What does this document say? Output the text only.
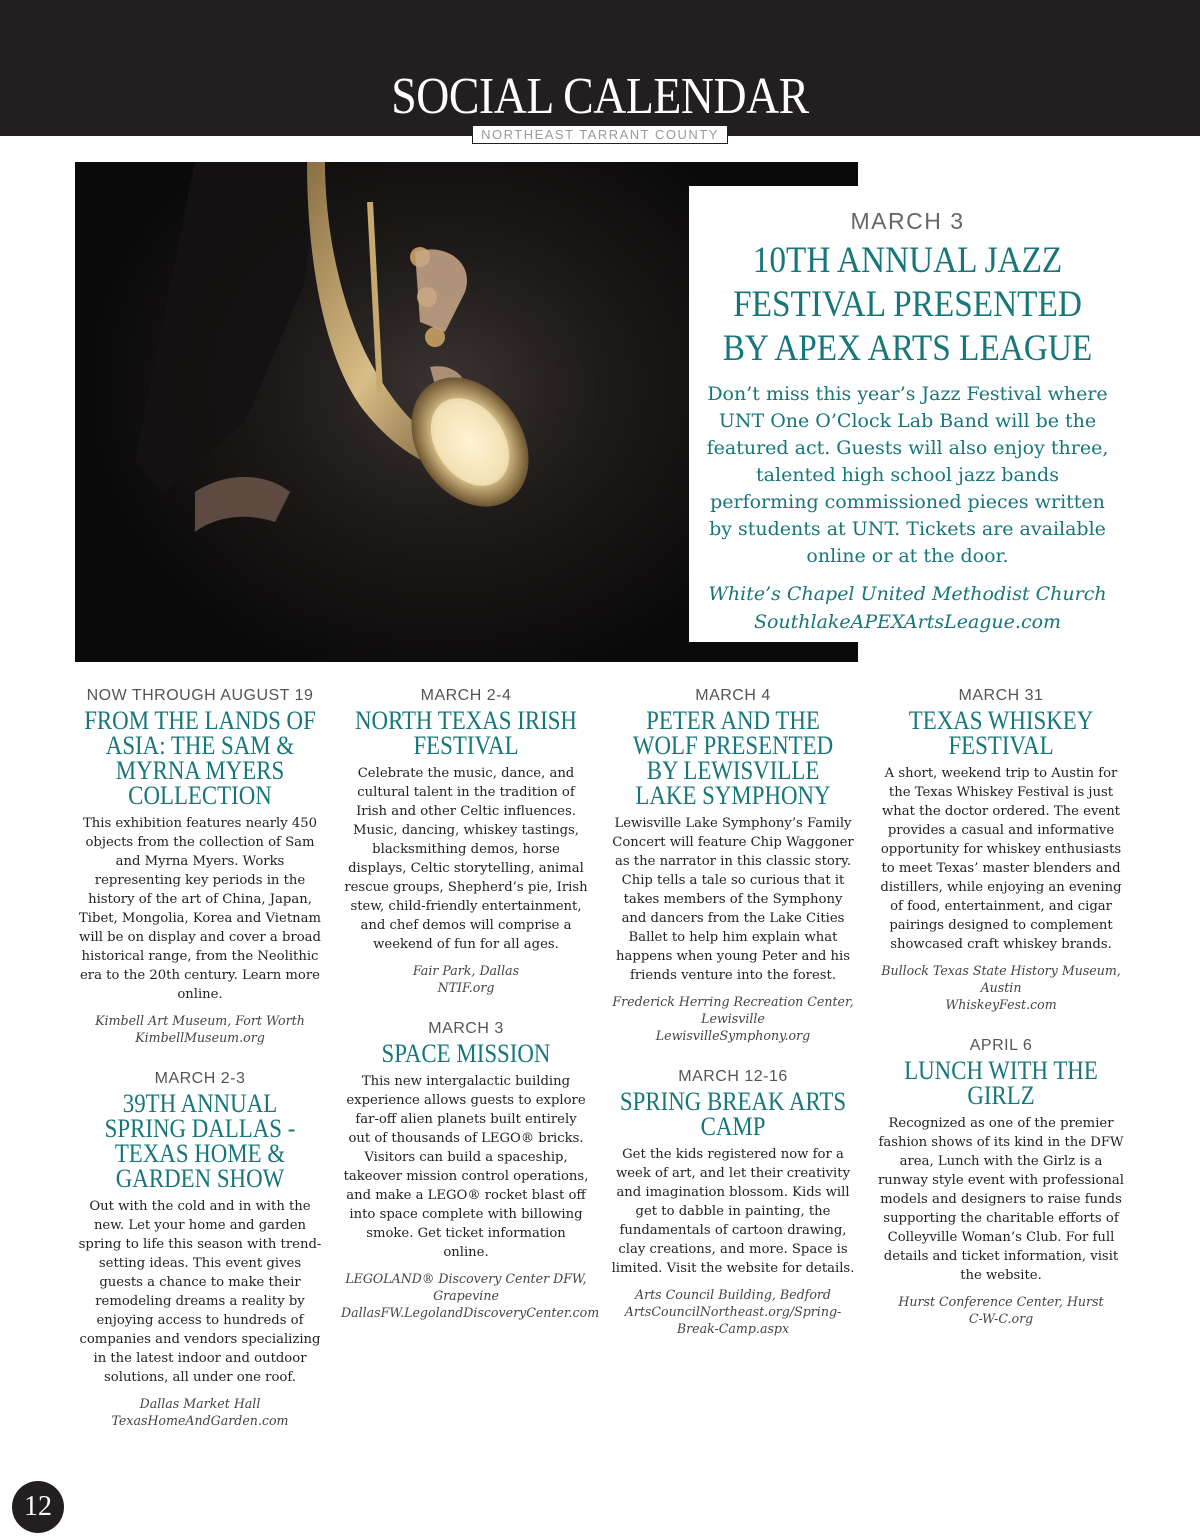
SOCIAL CALENDAR
NORTHEAST TARRANT COUNTY
MARCH 3
10TH ANNUAL JAZZ FESTIVAL PRESENTED BY APEX ARTS LEAGUE
Don’t miss this year’s Jazz Festival where UNT One O’Clock Lab Band will be the featured act. Guests will also enjoy three, talented high school jazz bands performing commissioned pieces written by students at UNT. Tickets are available online or at the door.
White’s Chapel United Methodist Church
SouthlakeAPEXArtsLeague.com
NOW THROUGH AUGUST 19
FROM THE LANDS OF ASIA: THE SAM & MYRNA MYERS COLLECTION
This exhibition features nearly 450 objects from the collection of Sam and Myrna Myers. Works representing key periods in the history of the art of China, Japan, Tibet, Mongolia, Korea and Vietnam will be on display and cover a broad historical range, from the Neolithic era to the 20th century. Learn more online.
Kimbell Art Museum, Fort Worth
KimbellMuseum.org
MARCH 2-3
39TH ANNUAL SPRING DALLAS - TEXAS HOME & GARDEN SHOW
Out with the cold and in with the new. Let your home and garden spring to life this season with trend-setting ideas. This event gives guests a chance to make their remodeling dreams a reality by enjoying access to hundreds of companies and vendors specializing in the latest indoor and outdoor solutions, all under one roof.
Dallas Market Hall
TexasHomeAndGarden.com
MARCH 2-4
NORTH TEXAS IRISH FESTIVAL
Celebrate the music, dance, and cultural talent in the tradition of Irish and other Celtic influences. Music, dancing, whiskey tastings, blacksmithing demos, horse displays, Celtic storytelling, animal rescue groups, Shepherd’s pie, Irish stew, child-friendly entertainment, and chef demos will comprise a weekend of fun for all ages.
Fair Park, Dallas
NTIF.org
MARCH 3
SPACE MISSION
This new intergalactic building experience allows guests to explore far-off alien planets built entirely out of thousands of LEGO® bricks. Visitors can build a spaceship, takeover mission control operations, and make a LEGO® rocket blast off into space complete with billowing smoke. Get ticket information online.
LEGOLAND® Discovery Center DFW, Grapevine
DallasFW.LegolandDiscoveryCenter.com
MARCH 4
PETER AND THE WOLF PRESENTED BY LEWISVILLE LAKE SYMPHONY
Lewisville Lake Symphony’s Family Concert will feature Chip Waggoner as the narrator in this classic story. Chip tells a tale so curious that it takes members of the Symphony and dancers from the Lake Cities Ballet to help him explain what happens when young Peter and his friends venture into the forest.
Frederick Herring Recreation Center, Lewisville
LewisvilleSymphony.org
MARCH 12-16
SPRING BREAK ARTS CAMP
Get the kids registered now for a week of art, and let their creativity and imagination blossom. Kids will get to dabble in painting, the fundamentals of cartoon drawing, clay creations, and more. Space is limited. Visit the website for details.
Arts Council Building, Bedford
ArtsCouncilNortheast.org/Spring-Break-Camp.aspx
MARCH 31
TEXAS WHISKEY FESTIVAL
A short, weekend trip to Austin for the Texas Whiskey Festival is just what the doctor ordered. The event provides a casual and informative opportunity for whiskey enthusiasts to meet Texas’ master blenders and distillers, while enjoying an evening of food, entertainment, and cigar pairings designed to complement showcased craft whiskey brands.
Bullock Texas State History Museum, Austin
WhiskeyFest.com
APRIL 6
LUNCH WITH THE GIRLZ
Recognized as one of the premier fashion shows of its kind in the DFW area, Lunch with the Girlz is a runway style event with professional models and designers to raise funds supporting the charitable efforts of Colleyville Woman’s Club. For full details and ticket information, visit the website.
Hurst Conference Center, Hurst
C-W-C.org
12
